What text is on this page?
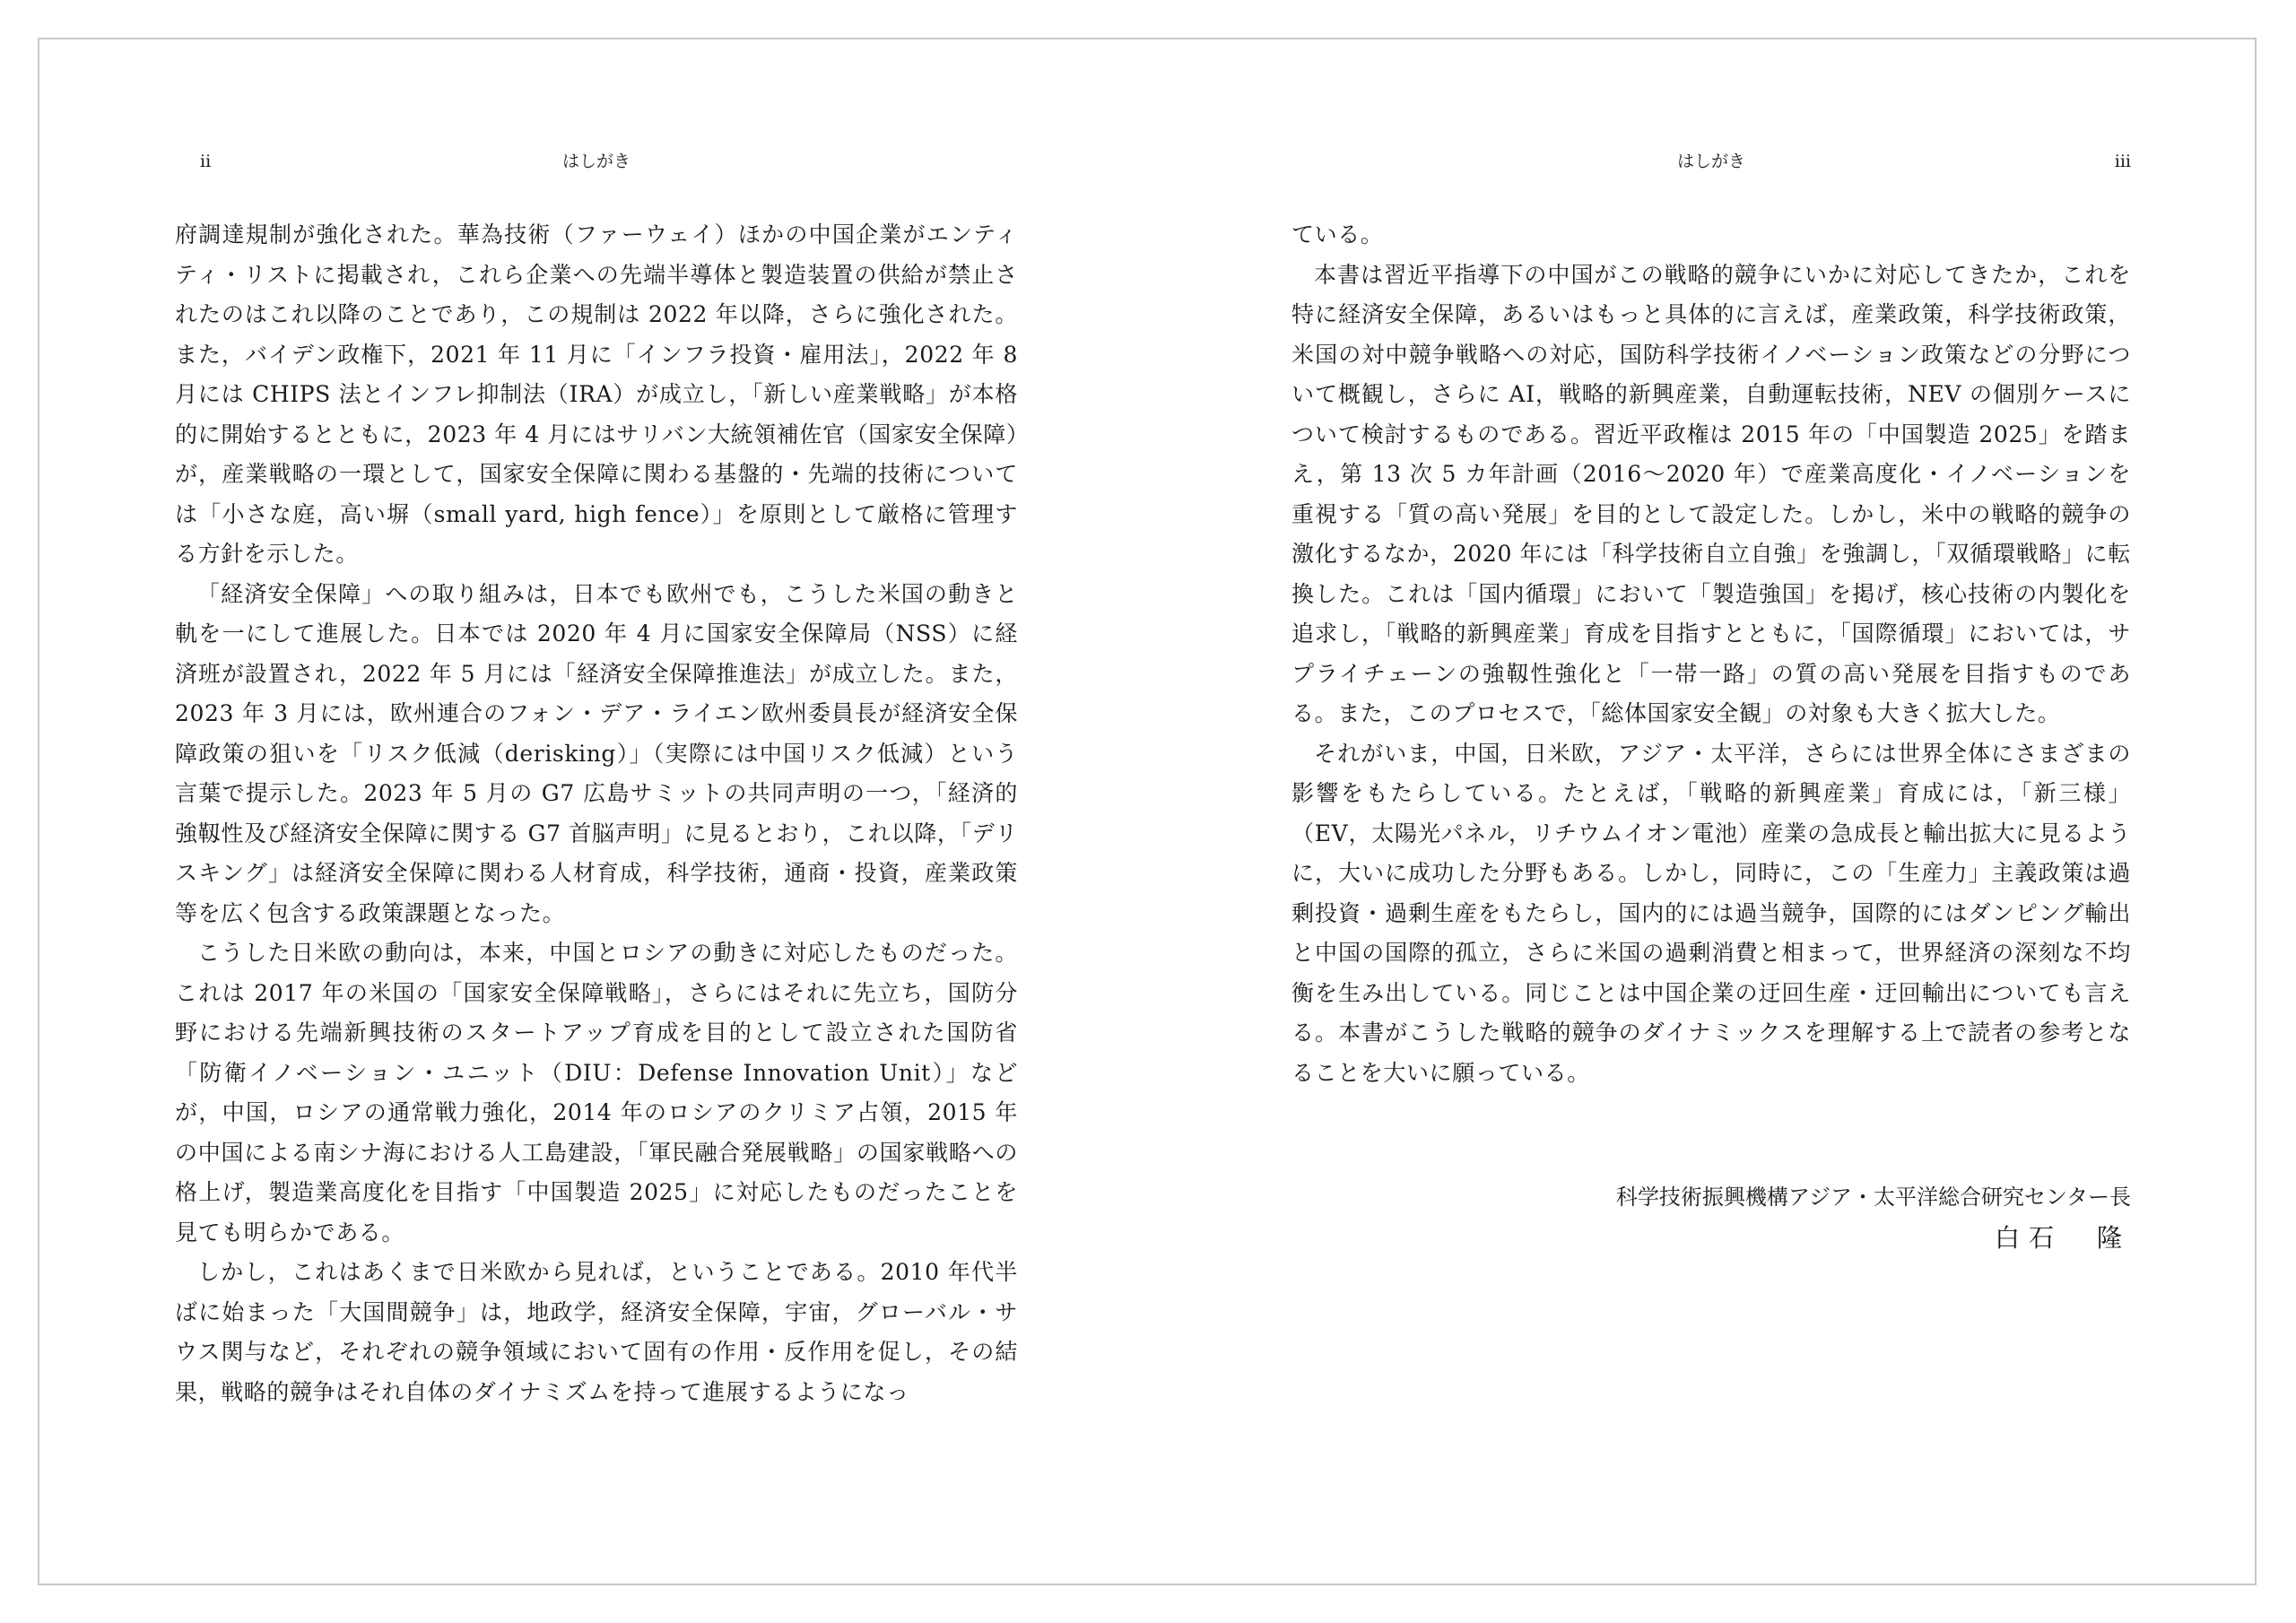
ii	はしがき

府調達規制が強化された。華為技術（ファーウェイ）ほかの中国企業がエンティティ・リストに掲載され，これら企業への先端半導体と製造装置の供給が禁止されたのはこれ以降のことであり，この規制は 2022 年以降，さらに強化された。また，バイデン政権下，2021 年 11 月に「インフラ投資・雇用法」，2022 年 8 月には CHIPS 法とインフレ抑制法（IRA）が成立し，「新しい産業戦略」が本格的に開始するとともに，2023 年 4 月にはサリバン大統領補佐官（国家安全保障）が，産業戦略の一環として，国家安全保障に関わる基盤的・先端的技術については「小さな庭，高い塀（small yard, high fence）」を原則として厳格に管理する方針を示した。

「経済安全保障」への取り組みは，日本でも欧州でも，こうした米国の動きと軌を一にして進展した。日本では 2020 年 4 月に国家安全保障局（NSS）に経済班が設置され，2022 年 5 月には「経済安全保障推進法」が成立した。また，2023 年 3 月には，欧州連合のフォン・デア・ライエン欧州委員長が経済安全保障政策の狙いを「リスク低減（derisking）」（実際には中国リスク低減）という言葉で提示した。2023 年 5 月の G7 広島サミットの共同声明の一つ，「経済的強靱性及び経済安全保障に関する G7 首脳声明」に見るとおり，これ以降，「デリスキング」は経済安全保障に関わる人材育成，科学技術，通商・投資，産業政策等を広く包含する政策課題となった。

こうした日米欧の動向は，本来，中国とロシアの動きに対応したものだった。これは 2017 年の米国の「国家安全保障戦略」，さらにはそれに先立ち，国防分野における先端新興技術のスタートアップ育成を目的として設立された国防省「防衛イノベーション・ユニット（DIU：Defense Innovation Unit）」などが，中国，ロシアの通常戦力強化，2014 年のロシアのクリミア占領，2015 年の中国による南シナ海における人工島建設，「軍民融合発展戦略」の国家戦略への格上げ，製造業高度化を目指す「中国製造 2025」に対応したものだったことを見ても明らかである。

しかし，これはあくまで日米欧から見れば，ということである。2010 年代半ばに始まった「大国間競争」は，地政学，経済安全保障，宇宙，グローバル・サウス関与など，それぞれの競争領域において固有の作用・反作用を促し，その結果，戦略的競争はそれ自体のダイナミズムを持って進展するようになっ

はしがき	iii

ている。

本書は習近平指導下の中国がこの戦略的競争にいかに対応してきたか，これを特に経済安全保障，あるいはもっと具体的に言えば，産業政策，科学技術政策，米国の対中競争戦略への対応，国防科学技術イノベーション政策などの分野について概観し，さらに AI，戦略的新興産業，自動運転技術，NEV の個別ケースについて検討するものである。習近平政権は 2015 年の「中国製造 2025」を踏まえ，第 13 次 5 カ年計画（2016〜2020 年）で産業高度化・イノベーションを重視する「質の高い発展」を目的として設定した。しかし，米中の戦略的競争の激化するなか，2020 年には「科学技術自立自強」を強調し，「双循環戦略」に転換した。これは「国内循環」において「製造強国」を掲げ，核心技術の内製化を追求し，「戦略的新興産業」育成を目指すとともに，「国際循環」においては，サプライチェーンの強靱性強化と「一帯一路」の質の高い発展を目指すものである。また，このプロセスで，「総体国家安全観」の対象も大きく拡大した。

それがいま，中国，日米欧，アジア・太平洋，さらには世界全体にさまざまの影響をもたらしている。たとえば，「戦略的新興産業」育成には，「新三様」（EV，太陽光パネル，リチウムイオン電池）産業の急成長と輸出拡大に見るように，大いに成功した分野もある。しかし，同時に，この「生産力」主義政策は過剰投資・過剰生産をもたらし，国内的には過当競争，国際的にはダンピング輸出と中国の国際的孤立，さらに米国の過剰消費と相まって，世界経済の深刻な不均衡を生み出している。同じことは中国企業の迂回生産・迂回輸出についても言える。本書がこうした戦略的競争のダイナミックスを理解する上で読者の参考となることを大いに願っている。

科学技術振興機構アジア・太平洋総合研究センター長
白石　隆
